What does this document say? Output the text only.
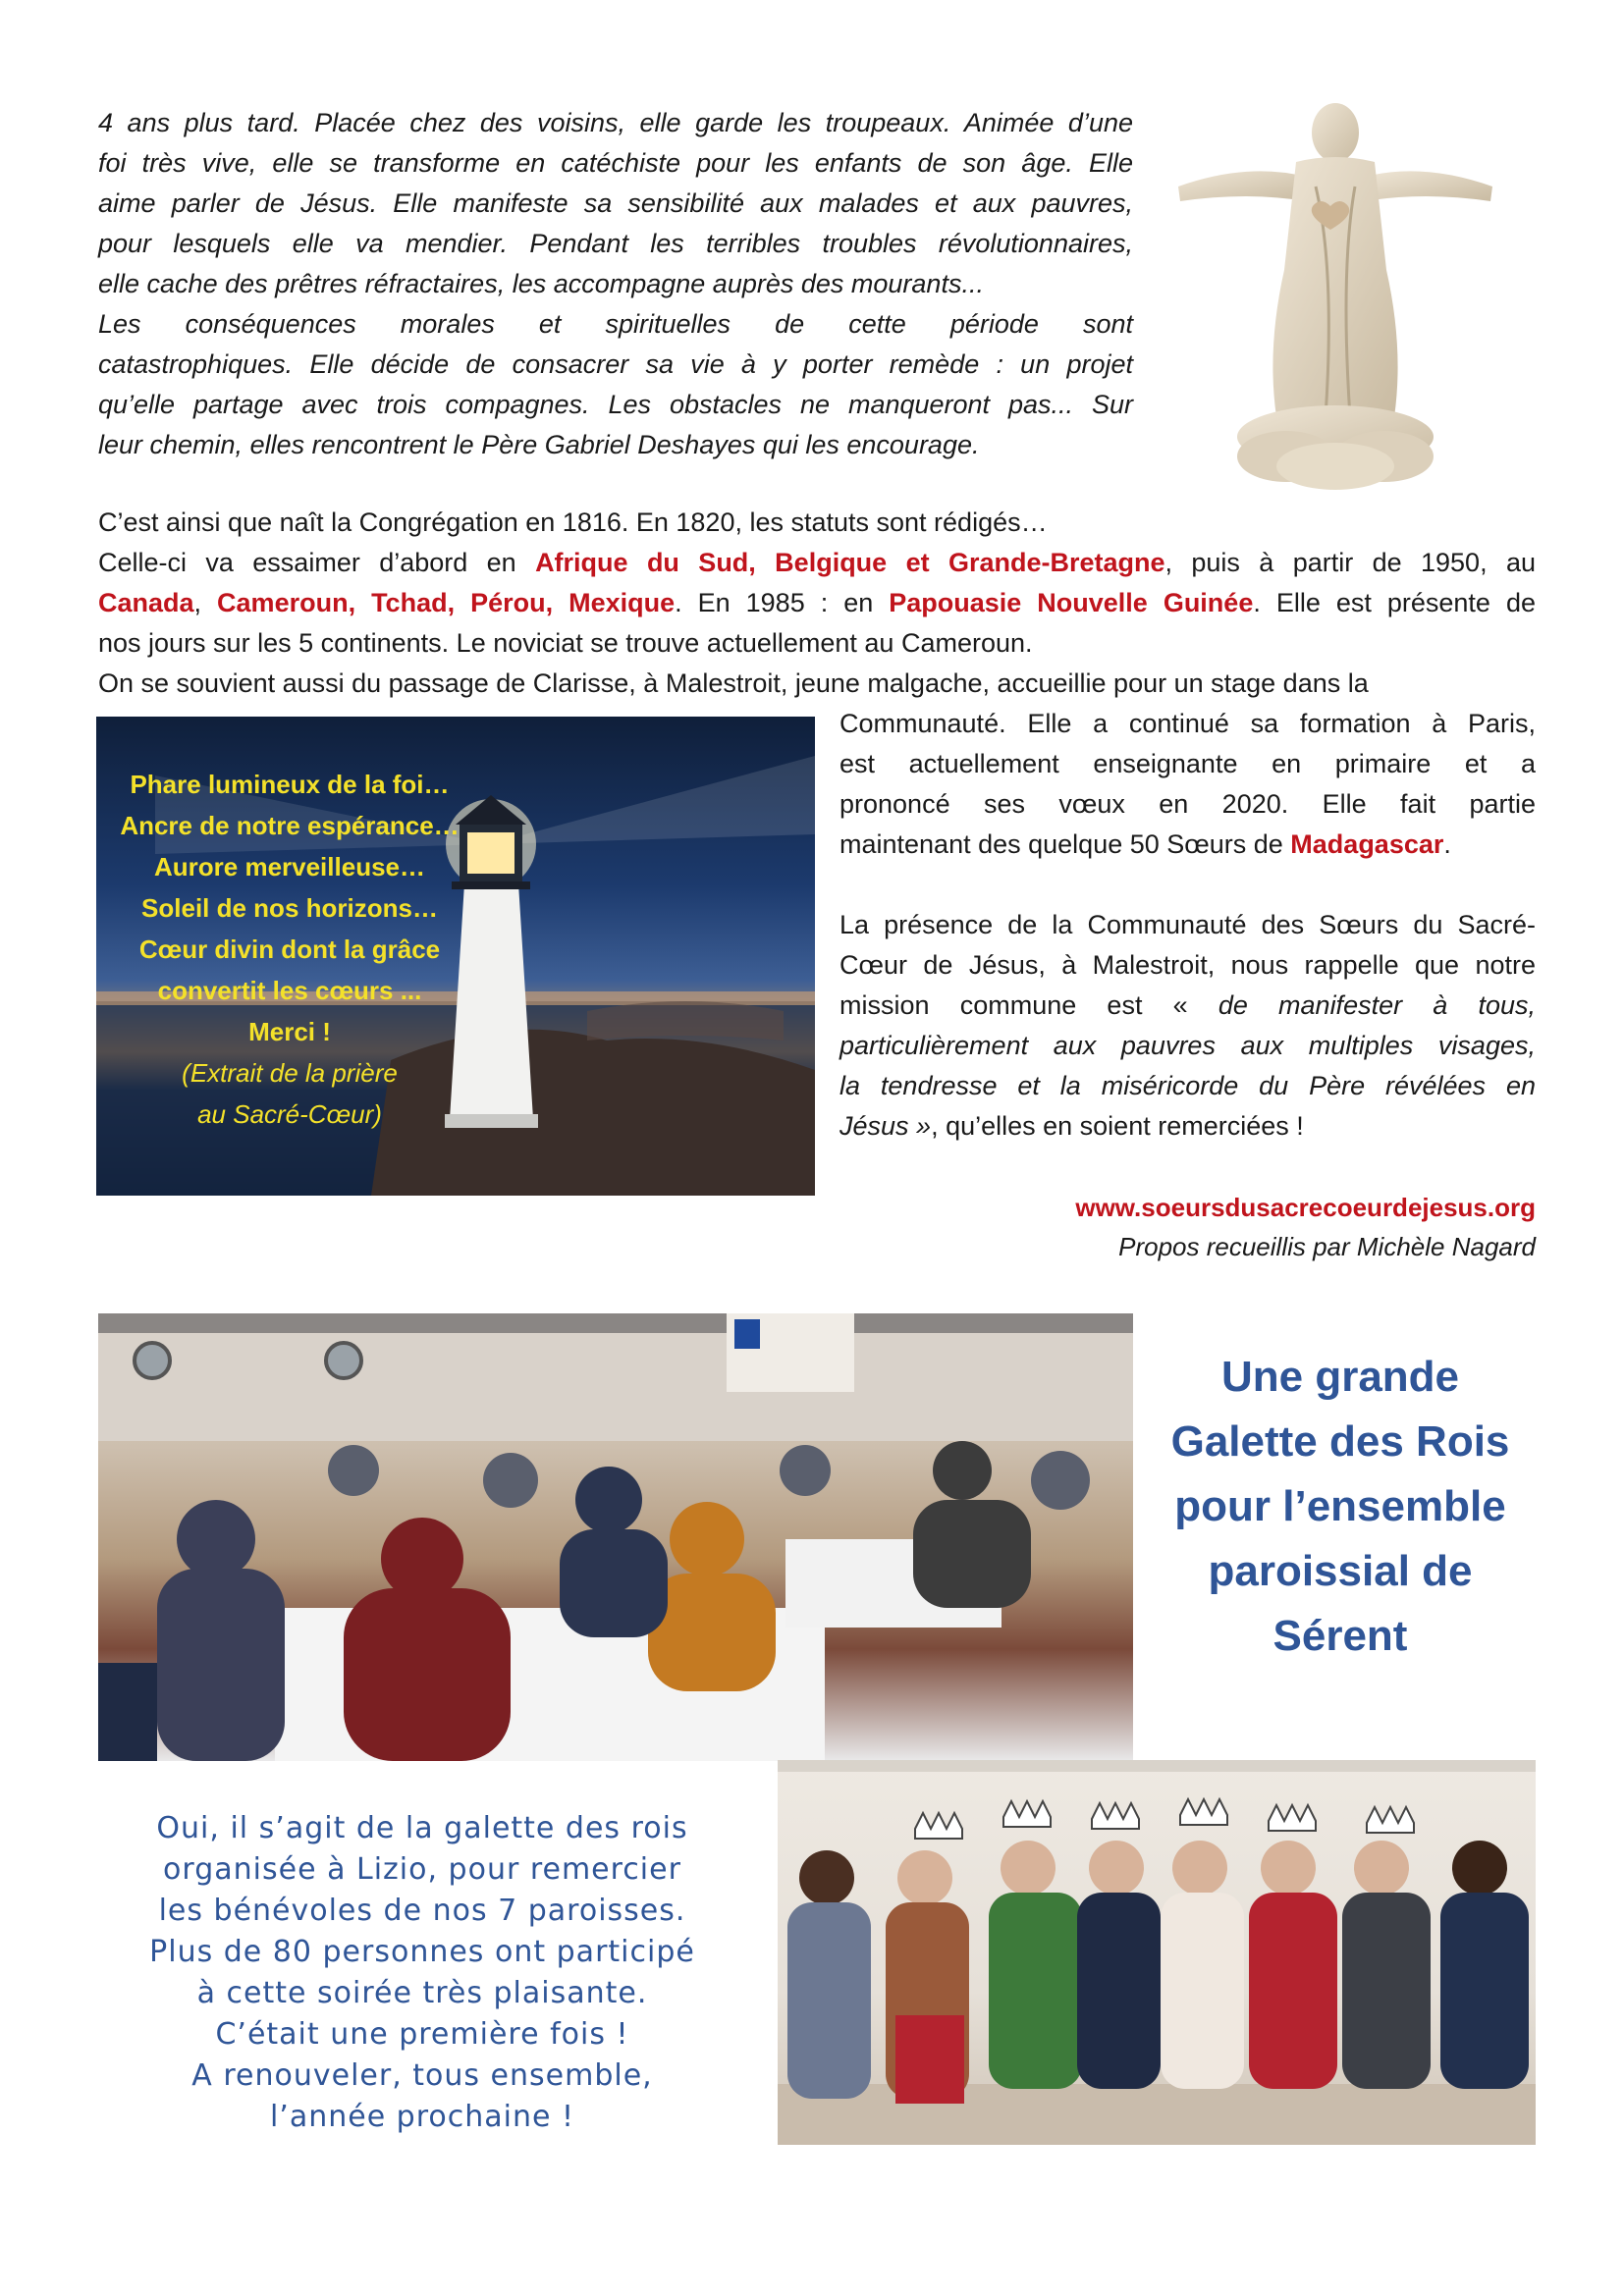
4 ans plus tard. Placée chez des voisins, elle garde les troupeaux. Animée d’une
foi très vive, elle se transforme en catéchiste pour les enfants de son âge. Elle
aime parler de Jésus. Elle manifeste sa sensibilité aux malades et aux pauvres,
pour lesquels elle va mendier. Pendant les terribles troubles révolutionnaires,
elle cache des prêtres réfractaires, les accompagne auprès des mourants...
Les conséquences morales et spirituelles de cette période sont
catastrophiques. Elle décide de consacrer sa vie à y porter remède : un projet
qu’elle partage avec trois compagnes. Les obstacles ne manqueront pas... Sur
leur chemin, elles rencontrent le Père Gabriel Deshayes qui les encourage.
C’est ainsi que naît la Congrégation en 1816. En 1820, les statuts sont rédigés…
Celle-ci va essaimer d’abord en Afrique du Sud, Belgique et Grande-Bretagne, puis à partir de 1950, au
Canada, Cameroun, Tchad, Pérou, Mexique. En 1985 : en Papouasie Nouvelle Guinée. Elle est présente de
nos jours sur les 5 continents. Le noviciat se trouve actuellement au Cameroun.
On se souvient aussi du passage de Clarisse, à Malestroit, jeune malgache, accueillie pour un stage dans la
Phare lumineux de la foi…
Ancre de notre espérance…
Aurore merveilleuse…
Soleil de nos horizons…
Cœur divin dont la grâce
convertit les cœurs ...
Merci !
(Extrait de la prière
au Sacré-Cœur)
Communauté. Elle a continué sa formation à Paris,
est actuellement enseignante en primaire et a
prononcé ses vœux en 2020. Elle fait partie
maintenant des quelque 50 Sœurs de Madagascar.
La présence de la Communauté des Sœurs du Sacré-
Cœur de Jésus, à Malestroit, nous rappelle que notre
mission commune est « de manifester à tous,
particulièrement aux pauvres aux multiples visages,
la tendresse et la miséricorde du Père révélées en
Jésus », qu’elles en soient remerciées !
www.soeursdusacrecoeurdejesus.org
Propos recueillis par Michèle Nagard
Une grande
Galette des Rois
pour l’ensemble
paroissial de
Sérent
Oui, il s’agit de la galette des rois
organisée à Lizio, pour remercier
les bénévoles de nos 7 paroisses.
Plus de 80 personnes ont participé
à cette soirée très plaisante.
C’était une première fois !
A renouveler, tous ensemble,
l’année prochaine !
